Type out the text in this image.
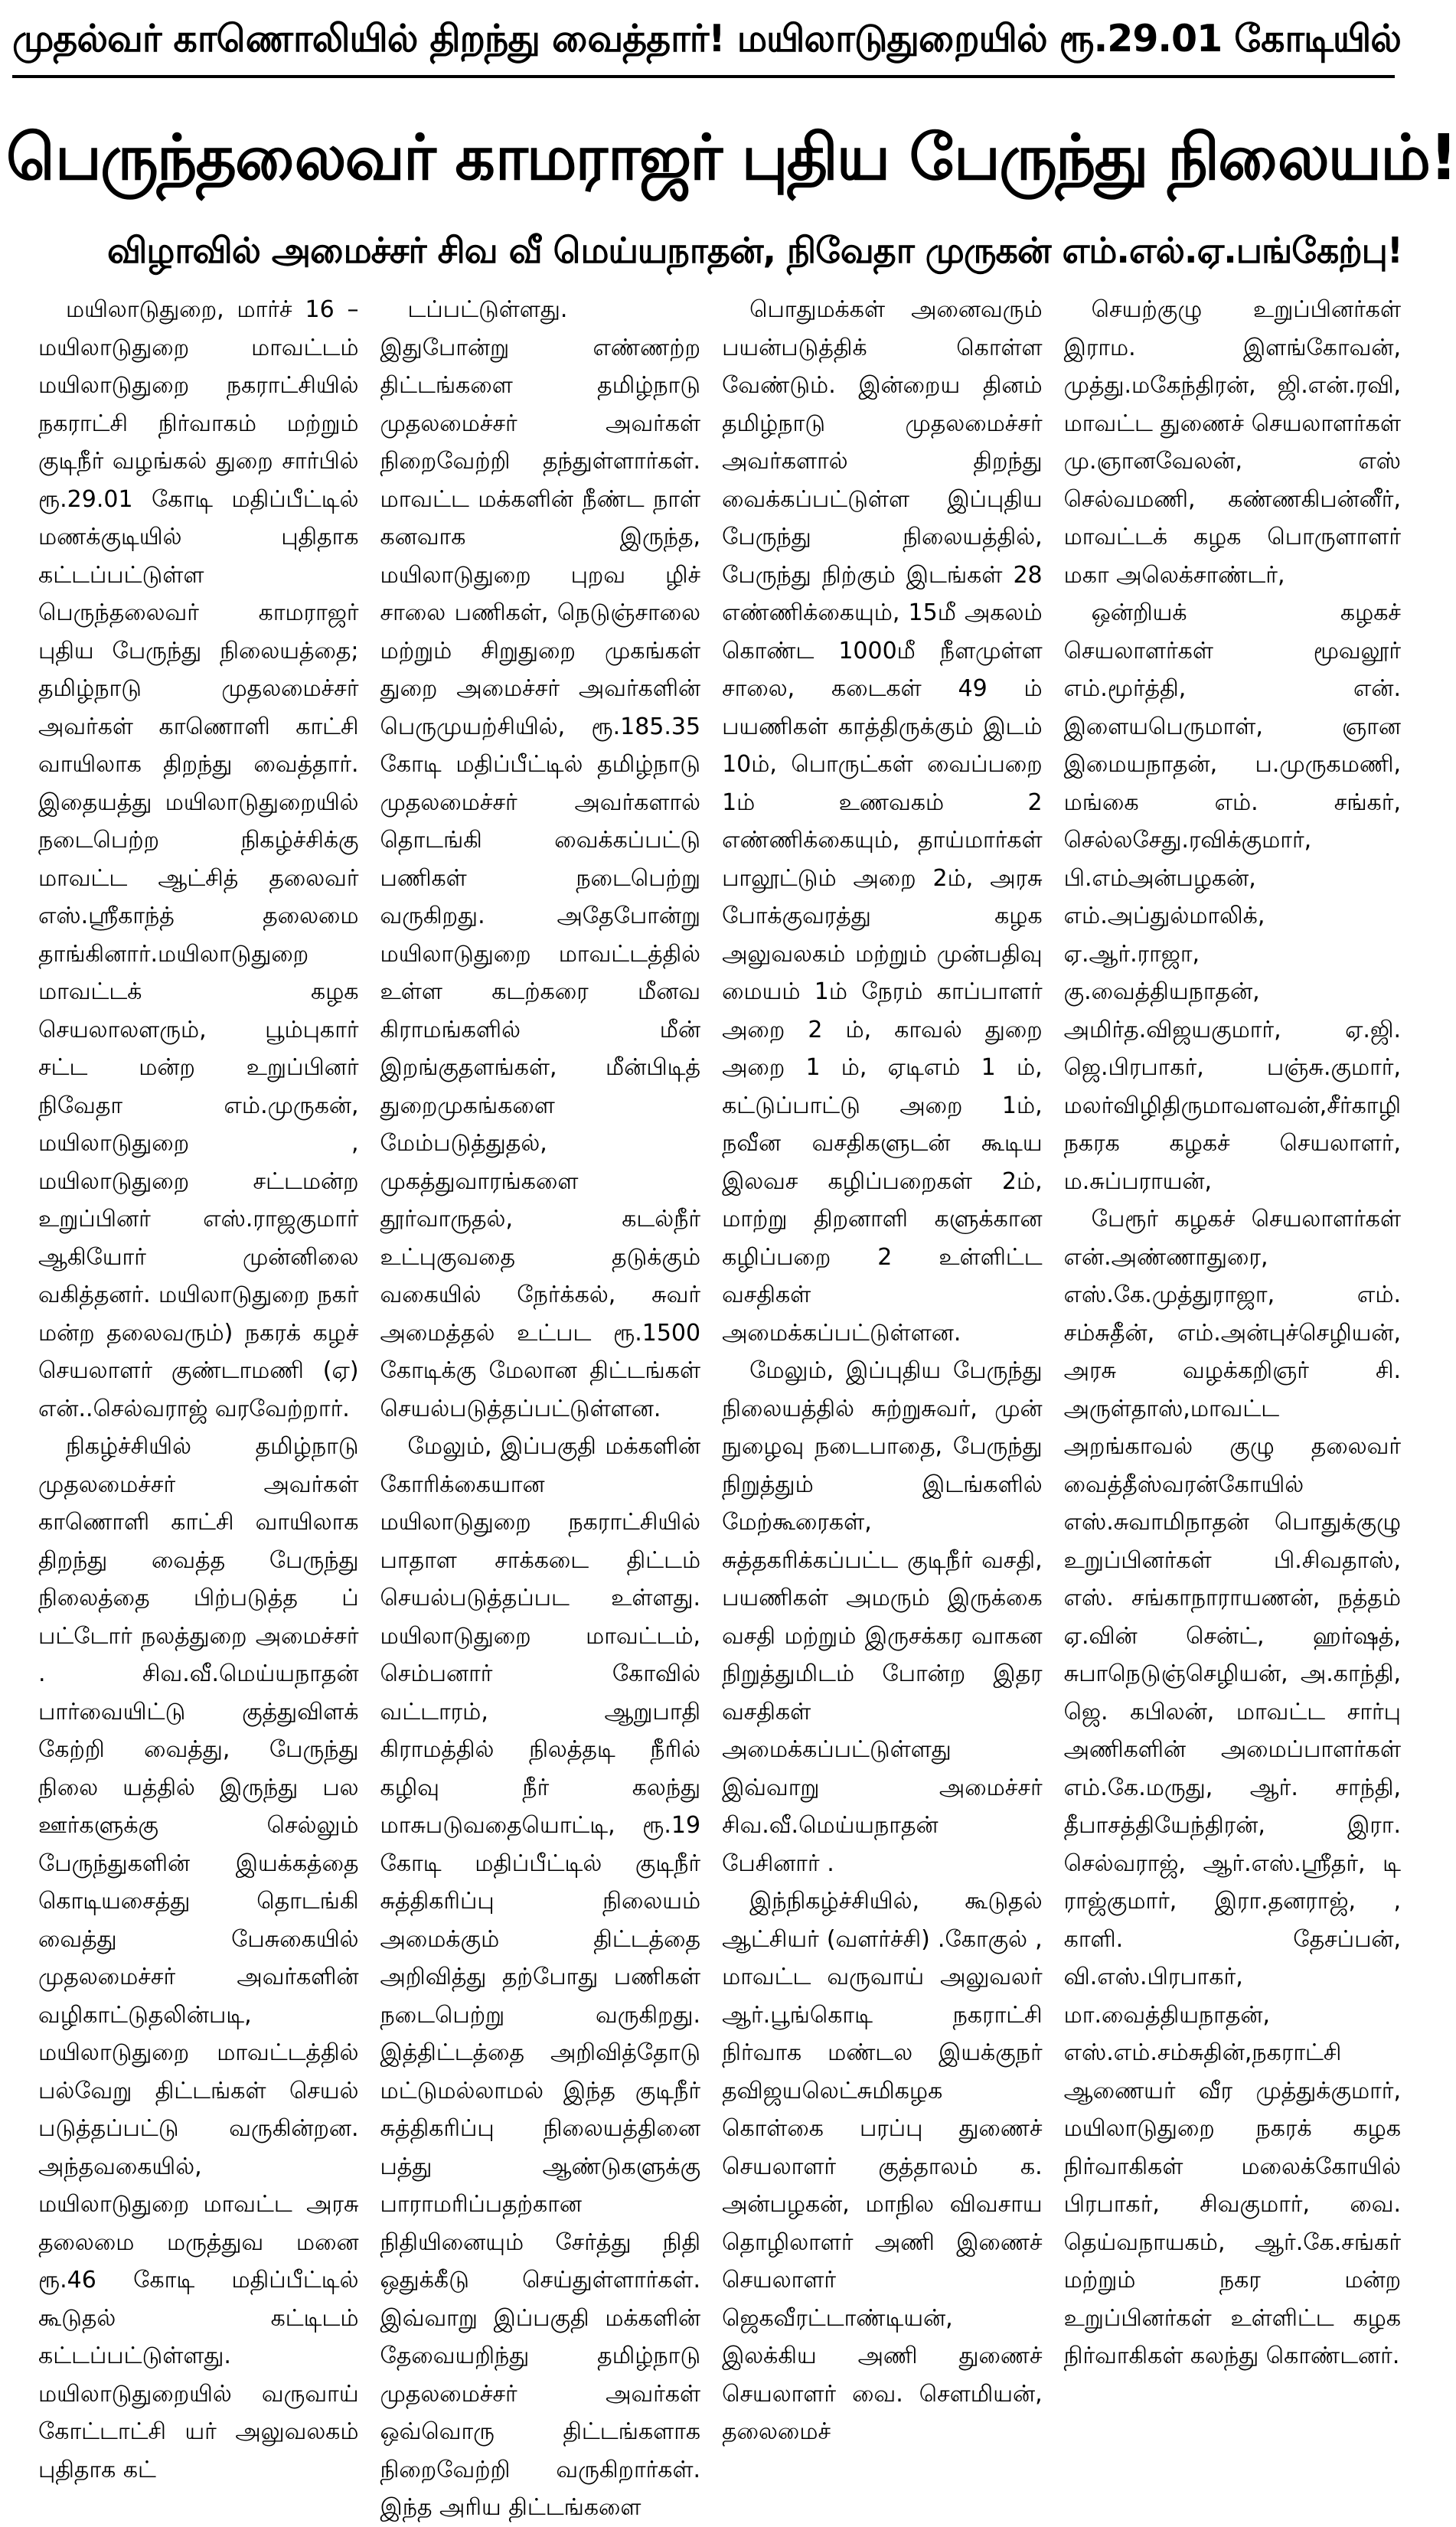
முதல்வர் காணொலியில் திறந்து வைத்தார்! மயிலாடுதுறையில் ரூ.29.01 கோடியில்
பெருந்தலைவர் காமராஜர் புதிய பேருந்து நிலையம்!
விழாவில் அமைச்சர் சிவ வீ மெய்யநாதன், நிவேதா முருகன் எம்.எல்.ஏ.பங்கேற்பு!

மயிலாடுதுறை, மார்ச் 16 – மயிலாடுதுறை மாவட்டம் மயிலாடுதுறை நகராட்சியில் நகராட்சி நிர்வாகம் மற்றும் குடிநீர் வழங்கல் துறை சார்பில் ரூ.29.01 கோடி மதிப்பீட்டில் மணக்குடியில் புதிதாக கட்டப்பட்டுள்ள பெருந்தலைவர் காமராஜர் புதிய பேருந்து நிலையத்தை; தமிழ்நாடு முதலமைச்சர் அவர்கள் காணொளி காட்சி வாயிலாக திறந்து வைத்தார். இதையத்து மயிலாடுதுறையில் நடைபெற்ற நிகழ்ச்சிக்கு மாவட்ட ஆட்சித் தலைவர் எஸ்.ஸ்ரீகாந்த் தலைமை தாங்கினார்.மயிலாடுதுறை மாவட்டக் கழக செயலாலளரும், பூம்புகார் சட்ட மன்ற உறுப்பினர் நிவேதா எம்.முருகன், மயிலாடுதுறை , மயிலாடுதுறை சட்டமன்ற உறுப்பினர் எஸ்.ராஜகுமார் ஆகியோர் முன்னிலை வகித்தனர். மயிலாடுதுறை நகர் மன்ற தலைவரும்) நகரக் கழச் செயலாளர் குண்டாமணி (ஏ) என்..செல்வராஜ் வரவேற்றார்.

நிகழ்ச்சியில் தமிழ்நாடு முதலமைச்சர் அவர்கள் காணொளி காட்சி வாயிலாக திறந்து வைத்த பேருந்து நிலைத்தை பிற்படுத்த ப் பட்டோர் நலத்துறை அமைச்சர் . சிவ.வீ.மெய்யநாதன் பார்வையிட்டு குத்துவிளக் கேற்றி வைத்து, பேருந்து நிலை யத்தில் இருந்து பல ஊர்களுக்கு செல்லும் பேருந்துகளின் இயக்கத்தை கொடியசைத்து தொடங்கி வைத்து பேசுகையில் முதலமைச்சர் அவர்களின் வழிகாட்டுதலின்படி, மயிலாடுதுறை மாவட்டத்தில் பல்வேறு திட்டங்கள் செயல் படுத்தப்பட்டு வருகின்றன. அந்தவகையில், மயிலாடுதுறை மாவட்ட அரசு தலைமை மருத்துவ மனை ரூ.46 கோடி மதிப்பீட்டில் கூடுதல் கட்டிடம் கட்டப்பட்டுள்ளது. மயிலாடுதுறையில் வருவாய் கோட்டாட்சி யர் அலுவலகம் புதிதாக கட்

டப்பட்டுள்ளது. இதுபோன்று எண்ணற்ற திட்டங்களை தமிழ்நாடு முதலமைச்சர் அவர்கள் நிறைவேற்றி தந்துள்ளார்கள். மாவட்ட மக்களின் நீண்ட நாள் கனவாக இருந்த, மயிலாடுதுறை புறவ ழிச் சாலை பணிகள், நெடுஞ்சாலை மற்றும் சிறுதுறை முகங்கள் துறை அமைச்சர் அவர்களின் பெருமுயற்சியில், ரூ.185.35 கோடி மதிப்பீட்டில் தமிழ்நாடு முதலமைச்சர் அவர்களால் தொடங்கி வைக்கப்பட்டு பணிகள் நடைபெற்று வருகிறது. அதேபோன்று மயிலாடுதுறை மாவட்டத்தில் உள்ள கடற்கரை மீனவ கிராமங்களில் மீன் இறங்குதளங்கள், மீன்பிடித் துறைமுகங்களை மேம்படுத்துதல், முகத்துவாரங்களை தூர்வாருதல், கடல்நீர் உட்புகுவதை தடுக்கும் வகையில் நேர்க்கல், சுவர் அமைத்தல் உட்பட ரூ.1500 கோடிக்கு மேலான திட்டங்கள் செயல்படுத்தப்பட்டுள்ளன.

மேலும், இப்பகுதி மக்களின் கோரிக்கையான மயிலாடுதுறை நகராட்சியில் பாதாள சாக்கடை திட்டம் செயல்படுத்தப்பட உள்ளது. மயிலாடுதுறை மாவட்டம், செம்பனார் கோவில் வட்டாரம், ஆறுபாதி கிராமத்தில் நிலத்தடி நீரில் கழிவு நீர் கலந்து மாசுபடுவதையொட்டி, ரூ.19 கோடி மதிப்பீட்டில் குடிநீர் சுத்திகரிப்பு நிலையம் அமைக்கும் திட்டத்தை அறிவித்து தற்போது பணிகள் நடைபெற்று வருகிறது. இத்திட்டத்தை அறிவித்தோடு மட்டுமல்லாமல் இந்த குடிநீர் சுத்திகரிப்பு நிலையத்தினை பத்து ஆண்டுகளுக்கு பாராமரிப்பதற்கான நிதியினையும் சேர்த்து நிதி ஒதுக்கீடு செய்துள்ளார்கள். இவ்வாறு இப்பகுதி மக்களின் தேவையறிந்து தமிழ்நாடு முதலமைச்சர் அவர்கள் ஒவ்வொரு திட்டங்களாக நிறைவேற்றி வருகிறார்கள். இந்த அரிய திட்டங்களை

பொதுமக்கள் அனைவரும் பயன்படுத்திக் கொள்ள வேண்டும். இன்றைய தினம் தமிழ்நாடு முதலமைச்சர் அவர்களால் திறந்து வைக்கப்பட்டுள்ள இப்புதிய பேருந்து நிலையத்தில், பேருந்து நிற்கும் இடங்கள் 28 எண்ணிக்கையும், 15மீ அகலம் கொண்ட 1000மீ நீளமுள்ள சாலை, கடைகள் 49 ம் பயணிகள் காத்திருக்கும் இடம் 10ம், பொருட்கள் வைப்பறை 1ம் உணவகம் 2 எண்ணிக்கையும், தாய்மார்கள் பாலூட்டும் அறை 2ம், அரசு போக்குவரத்து கழக அலுவலகம் மற்றும் முன்பதிவு மையம் 1ம் நேரம் காப்பாளர் அறை 2 ம், காவல் துறை அறை 1 ம், ஏடிஎம் 1 ம், கட்டுப்பாட்டு அறை 1ம், நவீன வசதிகளுடன் கூடிய இலவச கழிப்பறைகள் 2ம், மாற்று திறனாளி களுக்கான கழிப்பறை 2 உள்ளிட்ட வசதிகள் அமைக்கப்பட்டுள்ளன.

மேலும், இப்புதிய பேருந்து நிலையத்தில் சுற்றுசுவர், முன் நுழைவு நடைபாதை, பேருந்து நிறுத்தும் இடங்களில் மேற்கூரைகள், சுத்தகரிக்கப்பட்ட குடிநீர் வசதி, பயணிகள் அமரும் இருக்கை வசதி மற்றும் இருசக்கர வாகன நிறுத்துமிடம் போன்ற இதர வசதிகள் அமைக்கப்பட்டுள்ளது இவ்வாறு அமைச்சர் சிவ.வீ.மெய்யநாதன் பேசினார் .

இந்நிகழ்ச்சியில், கூடுதல் ஆட்சியர் (வளர்ச்சி) .கோகுல் , மாவட்ட வருவாய் அலுவலர் ஆர்.பூங்கொடி நகராட்சி நிர்வாக மண்டல இயக்குநர் தவிஜயலெட்சுமிகழக கொள்கை பரப்பு துணைச் செயலாளர் குத்தாலம் க. அன்பழகன், மாநில விவசாய தொழிலாளர் அணி இணைச் செயலாளர் ஜெகவீரட்டாண்டியன், இலக்கிய அணி துணைச் செயலாளர் வை. சௌமியன், தலைமைச்

செயற்குழு உறுப்பினர்கள் இராம. இளங்கோவன், முத்து.மகேந்திரன், ஜி.என்.ரவி, மாவட்ட துணைச் செயலாளர்கள் மு.ஞானவேலன், எஸ் செல்வமணி, கண்ணகிபன்னீர், மாவட்டக் கழக பொருளாளர் மகா அலெக்சாண்டர்,

ஒன்றியக் கழகச் செயலாளர்கள் மூவலூர் எம்.மூர்த்தி, என். இளையபெருமாள், ஞான இமையநாதன், ப.முருகமணி, மங்கை எம். சங்கர், செல்லசேது.ரவிக்குமார், பி.எம்அன்பழகன், எம்.அப்துல்மாலிக், ஏ.ஆர்.ராஜா, கு.வைத்தியநாதன், அமிர்த.விஜயகுமார், ஏ.ஜி. ஜெ.பிரபாகர், பஞ்சு.குமார், மலர்விழிதிருமாவளவன்,சீர்காழி நகரக கழகச் செயலாளர், ம.சுப்பராயன்,

பேரூர் கழகச் செயலாளர்கள் என்.அண்ணாதுரை, எஸ்.கே.முத்துராஜா, எம். சம்சுதீன், எம்.அன்புச்செழியன், அரசு வழக்கறிஞர் சி. அருள்தாஸ்,மாவட்ட அறங்காவல் குழு தலைவர் வைத்தீஸ்வரன்கோயில் எஸ்.சுவாமிநாதன் பொதுக்குழு உறுப்பினர்கள் பி.சிவதாஸ், எஸ். சங்காநாராயணன், நத்தம் ஏ.வின் சென்ட், ஹர்ஷத், சுபாநெடுஞ்செழியன், அ.காந்தி, ஜெ. கபிலன், மாவட்ட சார்பு அணிகளின் அமைப்பாளர்கள் எம்.கே.மருது, ஆர். சாந்தி, தீபாசத்தியேந்திரன், இரா. செல்வராஜ், ஆர்.எஸ்.ஸ்ரீதர், டி ராஜ்குமார், இரா.தனராஜ், , காளி. தேசப்பன், வி.எஸ்.பிரபாகர், மா.வைத்தியநாதன், எஸ்.எம்.சம்சுதின்,நகராட்சி ஆணையர் வீர முத்துக்குமார், மயிலாடுதுறை நகரக் கழக நிர்வாகிகள் மலைக்கோயில் பிரபாகர், சிவகுமார், வை. தெய்வநாயகம், ஆர்.கே.சங்கர் மற்றும் நகர மன்ற உறுப்பினர்கள் உள்ளிட்ட கழக நிர்வாகிகள் கலந்து கொண்டனர்.
